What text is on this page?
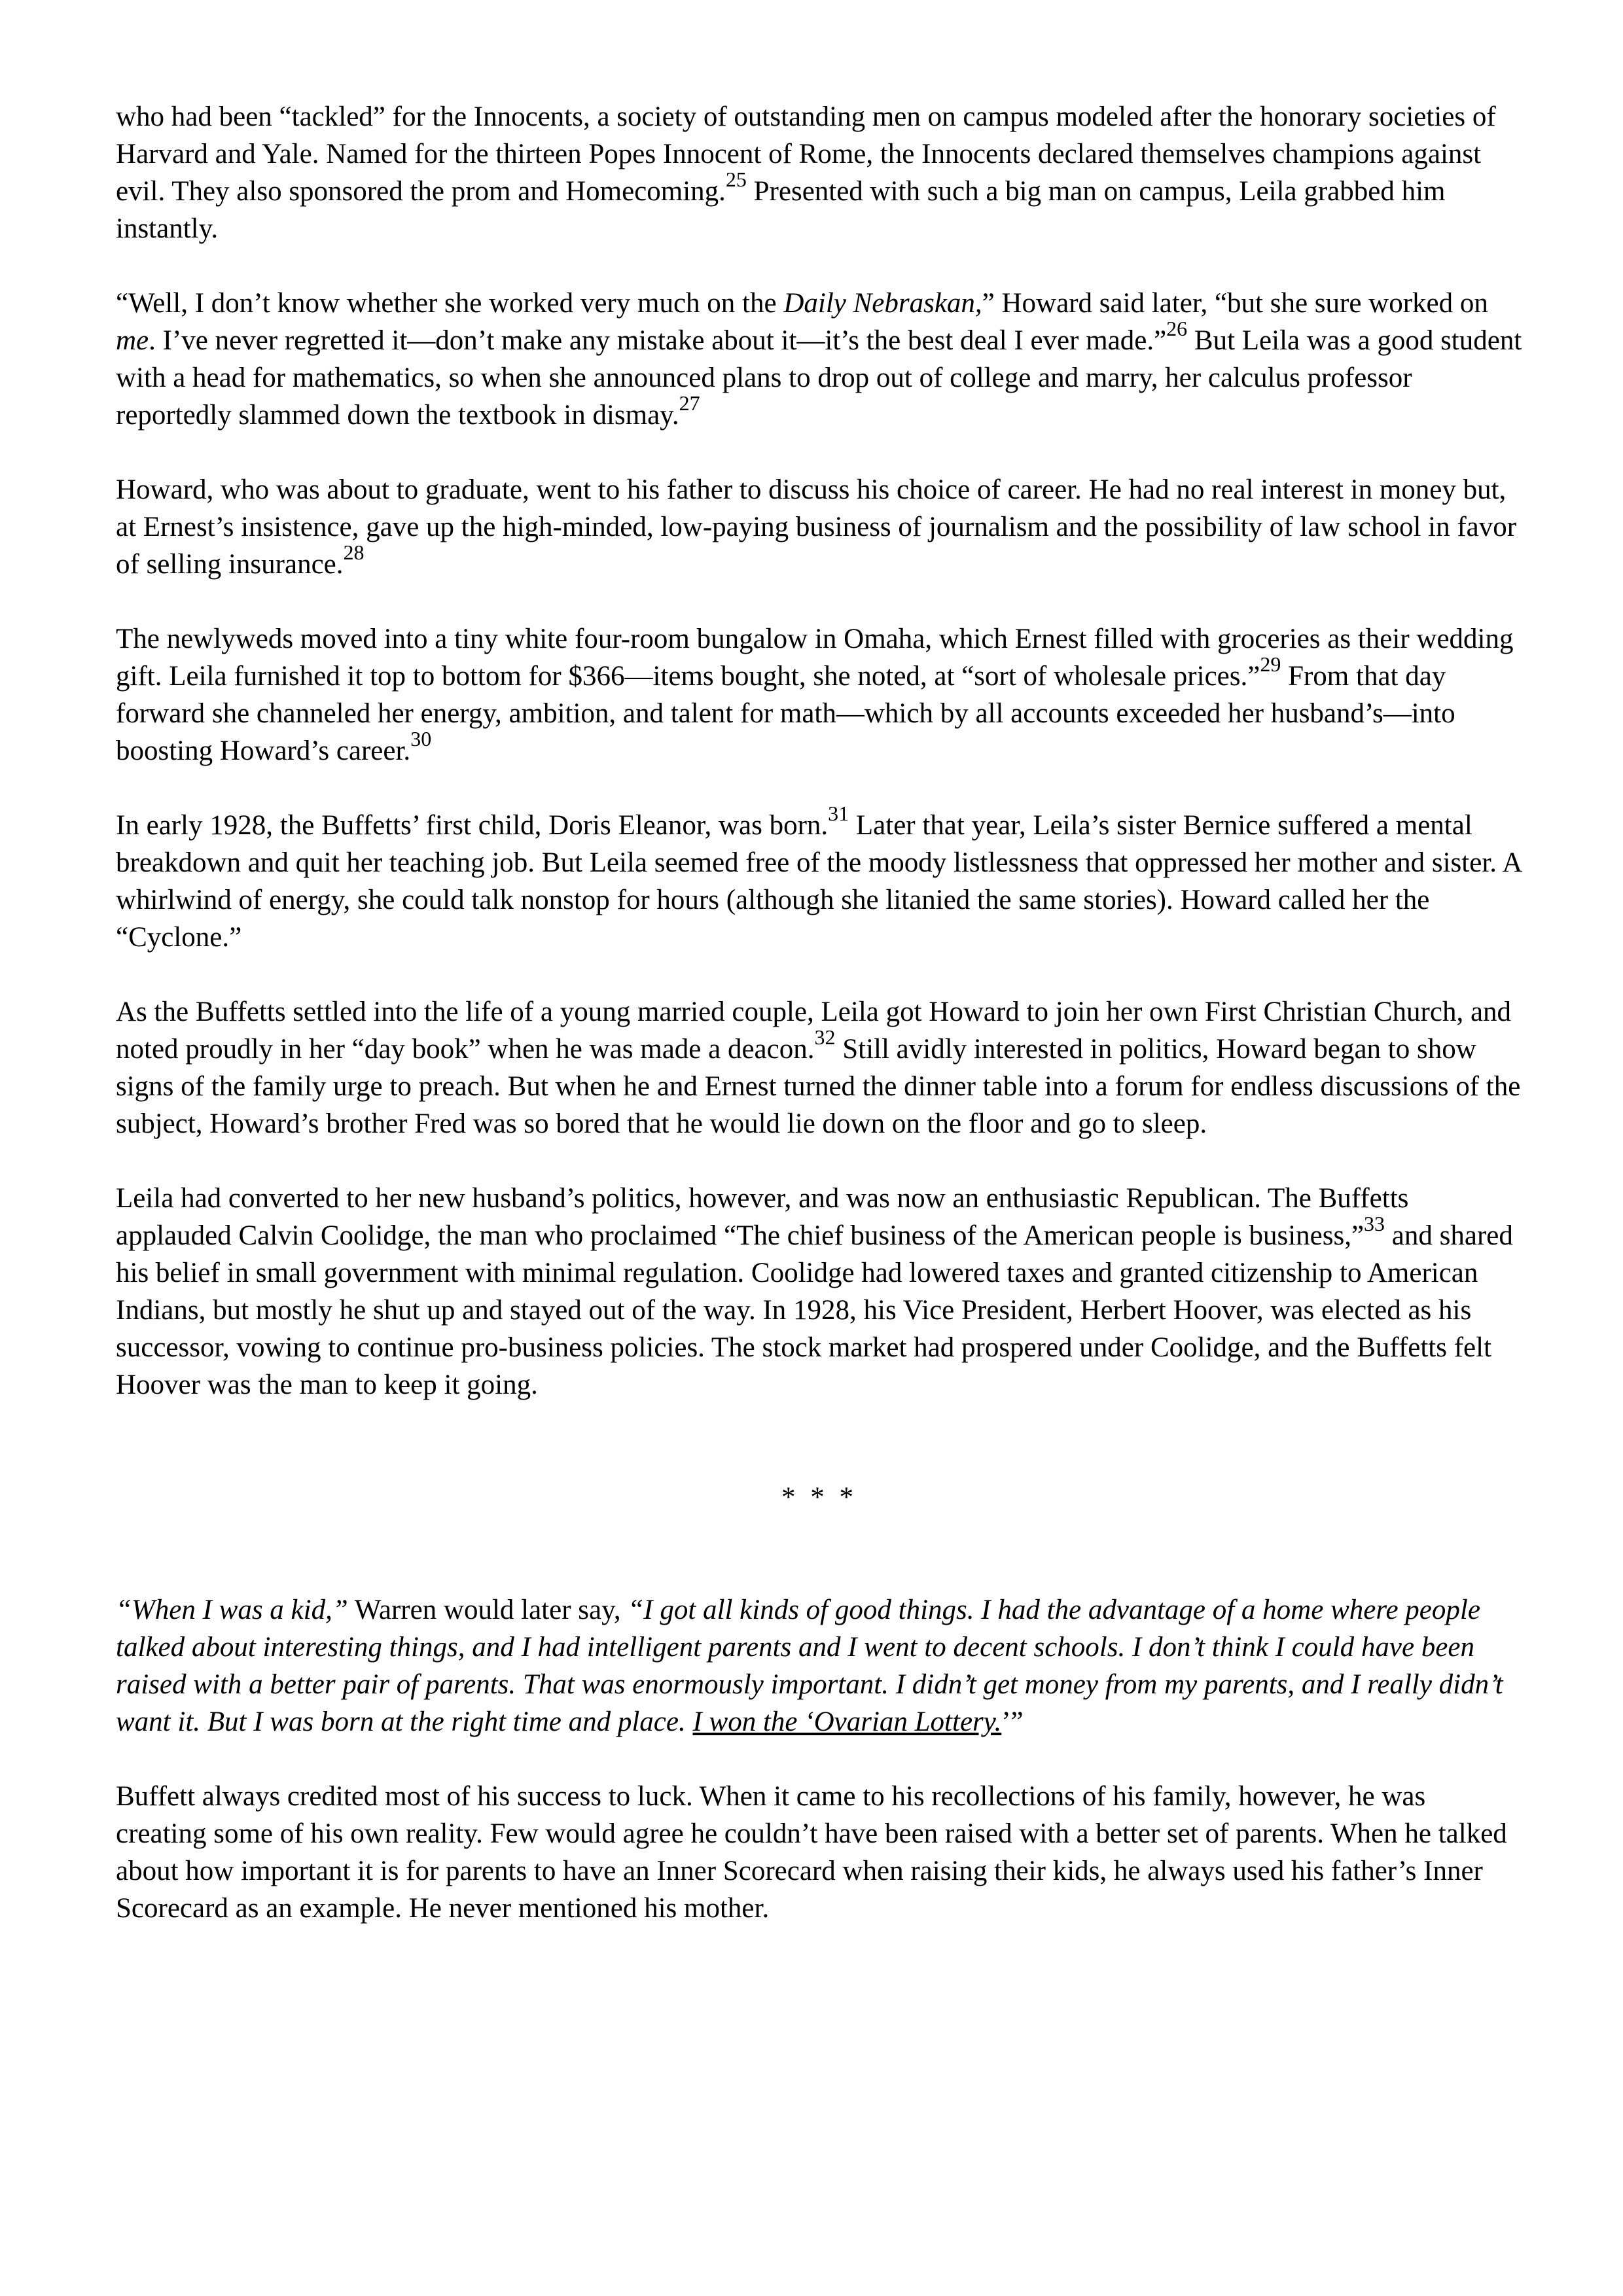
who had been “tackled” for the Innocents, a society of outstanding men on campus modeled after the honorary societies of Harvard and Yale. Named for the thirteen Popes Innocent of Rome, the Innocents declared themselves champions against evil. They also sponsored the prom and Homecoming.$^{25}$ Presented with such a big man on campus, Leila grabbed him instantly.

“Well, I don’t know whether she worked very much on the Daily Nebraskan,” Howard said later, “but she sure worked on me. I’ve never regretted it—don’t make any mistake about it—it’s the best deal I ever made.”$^{26}$ But Leila was a good student with a head for mathematics, so when she announced plans to drop out of college and marry, her calculus professor reportedly slammed down the textbook in dismay.$^{27}$

Howard, who was about to graduate, went to his father to discuss his choice of career. He had no real interest in money but, at Ernest’s insistence, gave up the high-minded, low-paying business of journalism and the possibility of law school in favor of selling insurance.$^{28}$

The newlyweds moved into a tiny white four-room bungalow in Omaha, which Ernest filled with groceries as their wedding gift. Leila furnished it top to bottom for $366—items bought, she noted, at “sort of wholesale prices.”$^{29}$ From that day forward she channeled her energy, ambition, and talent for math—which by all accounts exceeded her husband’s—into boosting Howard’s career.$^{30}$

In early 1928, the Buffetts’ first child, Doris Eleanor, was born.$^{31}$ Later that year, Leila’s sister Bernice suffered a mental breakdown and quit her teaching job. But Leila seemed free of the moody listlessness that oppressed her mother and sister. A whirlwind of energy, she could talk nonstop for hours (although she litanied the same stories). Howard called her the “Cyclone.”

As the Buffetts settled into the life of a young married couple, Leila got Howard to join her own First Christian Church, and noted proudly in her “day book” when he was made a deacon.$^{32}$ Still avidly interested in politics, Howard began to show signs of the family urge to preach. But when he and Ernest turned the dinner table into a forum for endless discussions of the subject, Howard’s brother Fred was so bored that he would lie down on the floor and go to sleep.

Leila had converted to her new husband’s politics, however, and was now an enthusiastic Republican. The Buffetts applauded Calvin Coolidge, the man who proclaimed “The chief business of the American people is business,”$^{33}$ and shared his belief in small government with minimal regulation. Coolidge had lowered taxes and granted citizenship to American Indians, but mostly he shut up and stayed out of the way. In 1928, his Vice President, Herbert Hoover, was elected as his successor, vowing to continue pro-business policies. The stock market had prospered under Coolidge, and the Buffetts felt Hoover was the man to keep it going.

* * *

“When I was a kid,” Warren would later say, “I got all kinds of good things. I had the advantage of a home where people talked about interesting things, and I had intelligent parents and I went to decent schools. I don’t think I could have been raised with a better pair of parents. That was enormously important. I didn’t get money from my parents, and I really didn’t want it. But I was born at the right time and place. I won the ‘Ovarian Lottery.’”

Buffett always credited most of his success to luck. When it came to his recollections of his family, however, he was creating some of his own reality. Few would agree he couldn’t have been raised with a better set of parents. When he talked about how important it is for parents to have an Inner Scorecard when raising their kids, he always used his father’s Inner Scorecard as an example. He never mentioned his mother.
